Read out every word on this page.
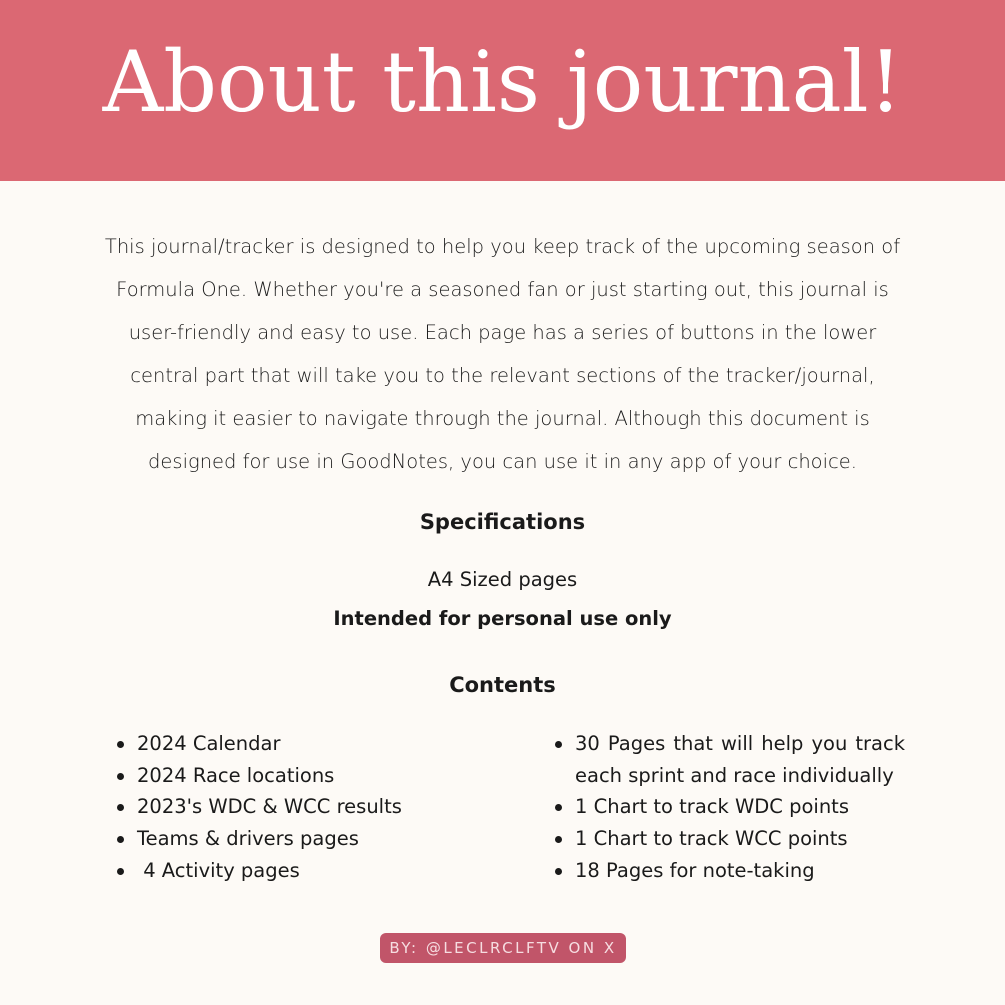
About this journal!
This journal/tracker is designed to help you keep track of the upcoming season of Formula One. Whether you're a seasoned fan or just starting out, this journal is user-friendly and easy to use. Each page has a series of buttons in the lower central part that will take you to the relevant sections of the tracker/journal, making it easier to navigate through the journal. Although this document is designed for use in GoodNotes, you can use it in any app of your choice.
Specifications
A4 Sized pages
Intended for personal use only
Contents
2024 Calendar
2024 Race locations
2023's WDC & WCC results
Teams & drivers pages
4 Activity pages
30 Pages that will help you track
each sprint and race individually
1 Chart to track WDC points
1 Chart to track WCC points
18 Pages for note-taking
BY: @LECLRCLFTV ON X
